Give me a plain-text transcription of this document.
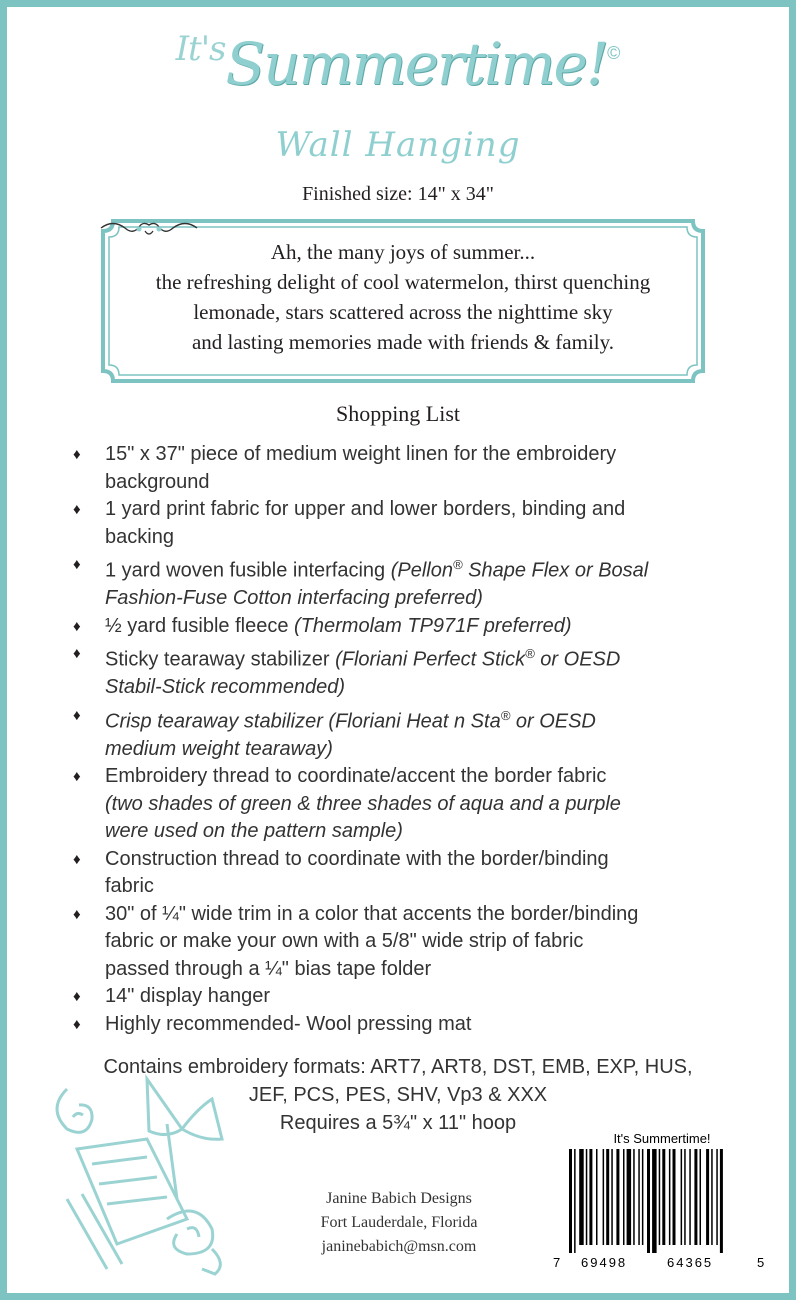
It'sSummertime!©
Wall Hanging
Finished size: 14" x 34"
Ah, the many joys of summer...
the refreshing delight of cool watermelon, thirst quenching
lemonade, stars scattered across the nighttime sky
and lasting memories made with friends & family.
Shopping List
♦ 15" x 37" piece of medium weight linen for the embroidery
background
♦ 1 yard print fabric for upper and lower borders, binding and
backing
♦ 1 yard woven fusible interfacing (Pellon® Shape Flex or Bosal
Fashion-Fuse Cotton interfacing preferred)
♦ ½ yard fusible fleece (Thermolam TP971F preferred)
♦ Sticky tearaway stabilizer (Floriani Perfect Stick® or OESD
Stabil-Stick recommended)
♦ Crisp tearaway stabilizer (Floriani Heat n Sta® or OESD
medium weight tearaway)
♦ Embroidery thread to coordinate/accent the border fabric
(two shades of green & three shades of aqua and a purple
were used on the pattern sample)
♦ Construction thread to coordinate with the border/binding
fabric
♦ 30" of ¼" wide trim in a color that accents the border/binding
fabric or make your own with a 5/8" wide strip of fabric
passed through a ¼" bias tape folder
♦ 14" display hanger
♦ Highly recommended- Wool pressing mat
Contains embroidery formats: ART7, ART8, DST, EMB, EXP, HUS,
JEF, PCS, PES, SHV, Vp3 & XXX
Requires a 5¾" x 11" hoop
Janine Babich Designs
Fort Lauderdale, Florida
janinebabich@msn.com
It's Summertime!
7 69498	64365	5
